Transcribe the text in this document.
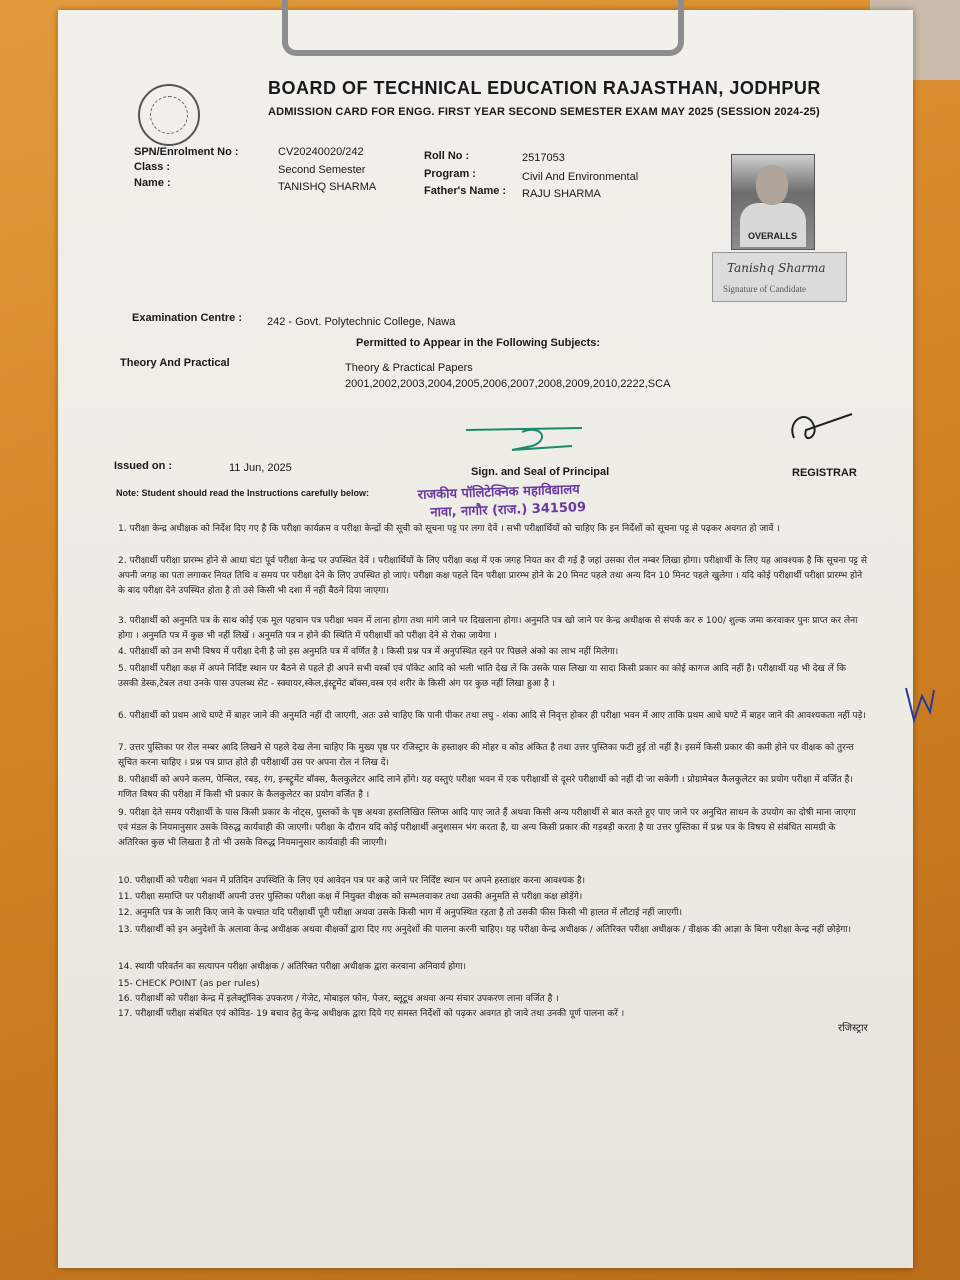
BOARD OF TECHNICAL EDUCATION RAJASTHAN, JODHPUR
ADMISSION CARD FOR ENGG. FIRST YEAR SECOND SEMESTER EXAM MAY 2025 (SESSION 2024-25)
SPN/Enrolment No :	CV20240020/242
Class :	Second Semester
Name :	TANISHQ SHARMA
Roll No :	2517053
Program :	Civil And Environmental
Father's Name : RAJU SHARMA
OVERALLS
Tanishq Sharma
Signature of Candidate
Examination Centre : 242 - Govt. Polytechnic College, Nawa
Permitted to Appear in the Following Subjects:
Theory And Practical	Theory & Practical Papers
2001,2002,2003,2004,2005,2006,2007,2008,2009,2010,2222,SCA
Issued on :	11 Jun, 2025	Sign. and Seal of Principal	REGISTRAR
Note: Student should read the Instructions carefully below:	राजकीय पॉलिटेक्निक महाविद्यालय
नावा, नागौर (राज.) 341509
1. परीक्षा केन्द्र अधीक्षक को निर्देश दिए गए है कि परीक्षा कार्यक्रम व परीक्षा केन्द्रों की सूची को सूचना पट्ट पर लगा देवें । सभी परीक्षार्थियों को चाहिए कि इन निर्देशों को सूचना पट्ट से पढ़कर अवगत हो जावें ।
2. परीक्षार्थी परीक्षा प्रारम्भ होने से आधा घंटा पूर्व परीक्षा केन्द्र पर उपस्थित देवें । परीक्षार्थियों के लिए परीक्षा कक्ष में एक जगह नियत कर दी गई है जहां उसका रोल नम्बर लिखा होगा। परीक्षार्थी के लिए यह आवश्यक है कि सूचना पट्ट से अपनी जगह का पता लगाकर नियत तिथि व समय पर परीक्षा देने के लिए उपस्थित हो जाएं। परीक्षा कक्ष पहले दिन परीक्षा प्रारम्भ होने के 20 मिनट पहले तथा अन्य दिन 10 मिनट पहले खुलेगा । यदि कोई परीक्षार्थी परीक्षा प्रारम्भ होने के बाद परीक्षा देने उपस्थित होता है तो उसे किसी भी दशा में नहीं बैठने दिया जाएगा।
3. परीक्षार्थी को अनुमति पत्र के साथ कोई एक मूल पहचान पत्र परीक्षा भवन में लाना होगा तथा मांगे जाने पर दिखलाना होगा। अनुमति पत्र खो जाने पर केन्द्र अधीक्षक से संपर्क कर रु 100/ शुल्क जमा करवाकर पुनः प्राप्त कर लेना होगा । अनुमति पत्र में कुछ भी नहीं लिखें । अनुमति पत्र न होने की स्थिति में परीक्षार्थी को परीक्षा देने से रोका जायेगा ।
4. परीक्षार्थी को उन सभी विषय में परीक्षा देनी है जो इस अनुमति पत्र में वर्णित है । किसी प्रश्न पत्र में अनुपस्थित रहने पर पिछले अंको का लाभ नहीं मिलेगा।
5. परीक्षार्थी परीक्षा कक्ष में अपने निर्दिष्ट स्थान पर बैठने से पहले ही अपने सभी वस्त्रों एवं पॉकेट आदि को भली भांति देख लें कि उसके पास लिखा या सादा किसी प्रकार का कोई कागज आदि नहीं है। परीक्षार्थी यह भी देख लें कि उसकी डेस्क,टेबल तथा उनके पास उपलब्ध सेट - स्क्वायर,स्केल,इंस्ट्रूमेंट बॉक्स,वस्त्र एवं शरीर के किसी अंग पर कुछ नहीं लिखा हुआ है ।
6. परीक्षार्थी को प्रथम आधे घण्टे में बाहर जाने की अनुमति नहीं दी जाएगी, अतः उसे चाहिए कि पानी पीकर तथा लघु - शंका आदि से निवृत्त होकर ही परीक्षा भवन में आए ताकि प्रथम आधे घण्टे में बाहर जाने की आवश्यकता नहीं पड़े।
7. उत्तर पुस्तिका पर रोल नम्बर आदि लिखने से पहले देख लेना चाहिए कि मुख्य पृष्ठ पर रजिस्ट्रार के हस्ताक्षर की मोहर व कोड अंकित है तथा उत्तर पुस्तिका फटी हुई तो नहीं है। इसमें किसी प्रकार की कमी होने पर वीक्षक को तुरन्त सूचित करना चाहिए । प्रश्न पत्र प्राप्त होते ही परीक्षार्थी उस पर अपना रोल नं लिख दें।
8. परीक्षार्थी को अपने कलम, पेन्सिल, रबड़, रंग, इन्स्ट्रूमेंट बॉक्स, कैलकुलेटर आदि लाने होंगे। यह वस्तुएं परीक्षा भवन में एक परीक्षार्थी से दूसरे परीक्षार्थी को नहीं दी जा सकेगी । प्रोग्रामेबल कैलकुलेटर का प्रयोग परीक्षा में वर्जित है। गणित विषय की परीक्षा में किसी भी प्रकार के कैलकुलेटर का प्रयोग वर्जित है ।
9. परीक्षा देते समय परीक्षार्थी के पास किसी प्रकार के नोट्स, पुस्तकों के पृष्ठ अथवा हस्तलिखित स्लिप्स आदि पाए जाते हैं अथवा किसी अन्य परीक्षार्थी से बात करते हुए पाए जाने पर अनुचित साधन के उपयोग का दोषी माना जाएगा एवं मंडल के नियमानुसार उसके विरुद्ध कार्यवाही की जाएगी। परीक्षा के दौरान यदि कोई परीक्षार्थी अनुशासन भंग करता है, या अन्य किसी प्रकार की गड़बड़ी करता है या उत्तर पुस्तिका में प्रश्न पत्र के विषय से संबंधित सामग्री के अतिरिक्त कुछ भी लिखता है तो भी उसके विरुद्ध नियमानुसार कार्यवाही की जाएगी।
10. परीक्षार्थी को परीक्षा भवन में प्रतिदिन उपस्थिति के लिए एवं आवेदन पत्र पर कहे जाने पर निर्दिष्ट स्थान पर अपने हस्ताक्षर करना आवश्यक है।
11. परीक्षा समाप्ति पर परीक्षार्थी अपनी उत्तर पुस्तिका परीक्षा कक्ष में नियुक्त वीक्षक को सम्भलवाकर तथा उसकी अनुमति से परीक्षा कक्ष छोड़ेंगे।
12. अनुमति पत्र के जारी किए जाने के पश्चात यदि परीक्षार्थी पूरी परीक्षा अथवा उसके किसी भाग में अनुपस्थित रहता है तो उसकी फीस किसी भी हालत में लौटाई नहीं जाएगी।
13. परीक्षार्थी को इन अनुदेशों के अलावा केन्द्र अधीक्षक अथवा वीक्षकों द्वारा दिए गए अनुदेशों की पालना करनी चाहिए। यह परीक्षा केन्द्र अधीक्षक / अतिरिक्त परीक्षा अधीक्षक / वीक्षक की आज्ञा के बिना परीक्षा केन्द्र नहीं छोड़ेगा।
14. स्थायी परिवर्तन का सत्यापन परीक्षा अधीक्षक / अतिरिक्त परीक्षा अधीक्षक द्वारा करवाना अनिवार्य होगा।
15- CHECK POINT (as per rules)
16. परीक्षार्थी को परीक्षा केन्द्र में इलेक्ट्रॉनिक उपकरण / गेजेट, मोबाइल फोन, पेजर, ब्लूटूथ अथवा अन्य संचार उपकरण लाना वर्जित है ।
17. परीक्षार्थी परीक्षा संबंधित एवं कोविड- 19 बचाव हेतु केन्द्र अधीक्षक द्वारा दिये गए समस्त निर्देशों को पढ़कर अवगत हो जावे तथा उनकी पूर्ण पालना करें ।
रजिस्ट्रार
